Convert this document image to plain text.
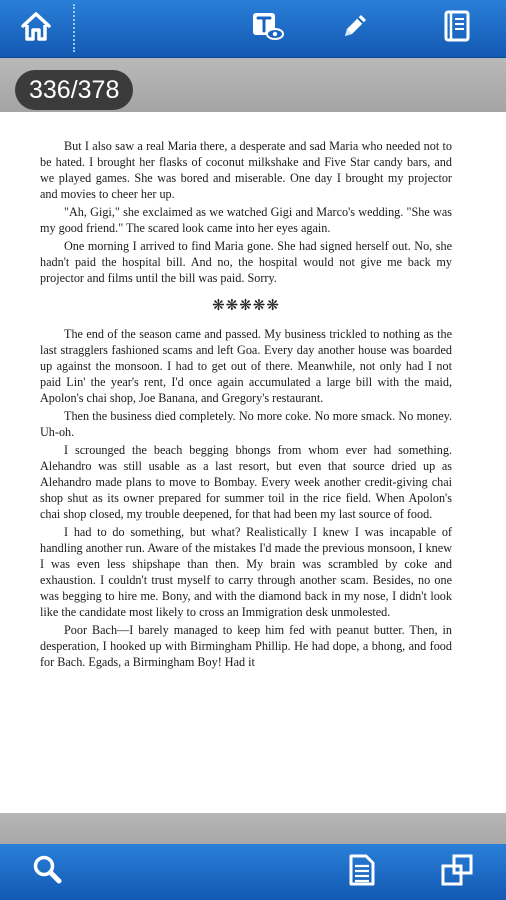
336/378

But I also saw a real Maria there, a desperate and sad Maria who needed not to be hated. I brought her flasks of coconut milkshake and Five Star candy bars, and we played games. She was bored and miserable. One day I brought my projector and movies to cheer her up.

"Ah, Gigi," she exclaimed as we watched Gigi and Marco's wedding. "She was my good friend." The scared look came into her eyes again.

One morning I arrived to find Maria gone. She had signed herself out. No, she hadn't paid the hospital bill. And no, the hospital would not give me back my projector and films until the bill was paid. Sorry.

❋❋❋❋❋

The end of the season came and passed. My business trickled to nothing as the last stragglers fashioned scams and left Goa. Every day another house was boarded up against the monsoon. I had to get out of there. Meanwhile, not only had I not paid Lin' the year's rent, I'd once again accumulated a large bill with the maid, Apolon's chai shop, Joe Banana, and Gregory's restaurant.

Then the business died completely. No more coke. No more smack. No money. Uh-oh.

I scrounged the beach begging bhongs from whom ever had something. Alehandro was still usable as a last resort, but even that source dried up as Alehandro made plans to move to Bombay. Every week another credit-giving chai shop shut as its owner prepared for summer toil in the rice field. When Apolon's chai shop closed, my trouble deepened, for that had been my last source of food.

I had to do something, but what? Realistically I knew I was incapable of handling another run. Aware of the mistakes I'd made the previous monsoon, I knew I was even less shipshape than then. My brain was scrambled by coke and exhaustion. I couldn't trust myself to carry through another scam. Besides, no one was begging to hire me. Bony, and with the diamond back in my nose, I didn't look like the candidate most likely to cross an Immigration desk unmolested.

Poor Bach—I barely managed to keep him fed with peanut butter. Then, in desperation, I hooked up with Birmingham Phillip. He had dope, a bhong, and food for Bach. Egads, a Birmingham Boy! Had it
